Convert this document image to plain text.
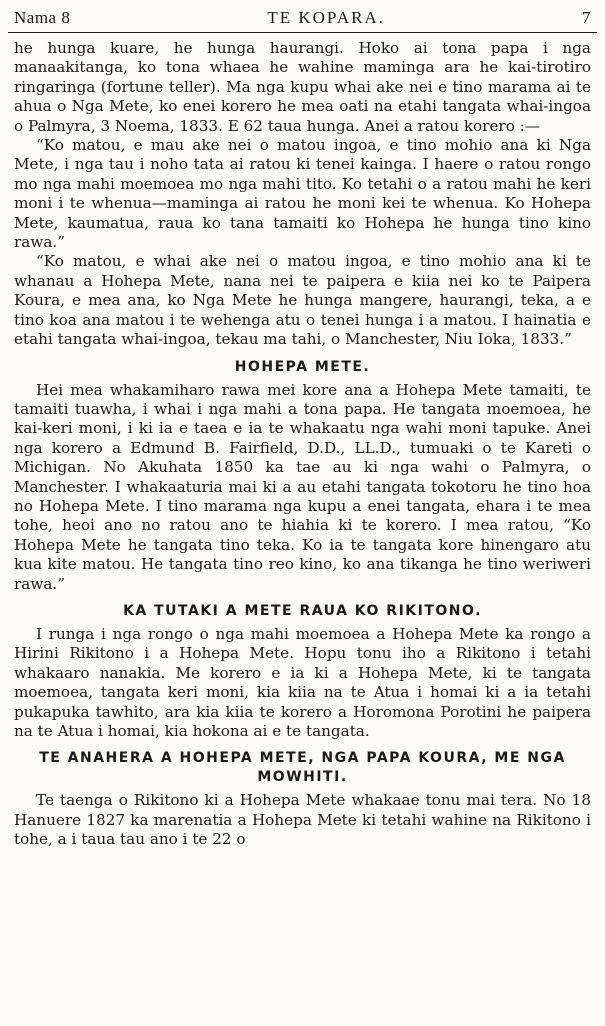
Nama 8	TE KOPARA.	7

he hunga kuare, he hunga haurangi. Hoko ai tona papa i nga manaakitanga, ko tona whaea he wahine maminga ara he kai-tirotiro ringaringa (fortune teller). Ma nga kupu whai ake nei e tino marama ai te ahua o Nga Mete, ko enei korero he mea oati na etahi tangata whai-ingoa o Palmyra, 3 Noema, 1833. E 62 taua hunga. Anei a ratou korero :—

“Ko matou, e mau ake nei o matou ingoa, e tino mohio ana ki Nga Mete, i nga tau i noho tata ai ratou ki tenei kainga. I haere o ratou rongo mo nga mahi moemoea mo nga mahi tito. Ko tetahi o a ratou mahi he keri moni i te whenua—maminga ai ratou he moni kei te whenua. Ko Hohepa Mete, kaumatua, raua ko tana tamaiti ko Hohepa he hunga tino kino rawa.”

“Ko matou, e whai ake nei o matou ingoa, e tino mohio ana ki te whanau a Hohepa Mete, nana nei te paipera e kiia nei ko te Paipera Koura, e mea ana, ko Nga Mete he hunga mangere, haurangi, teka, a e tino koa ana matou i te wehenga atu o tenei hunga i a matou. I hainatia e etahi tangata whai-ingoa, tekau ma tahi, o Manchester, Niu Ioka, 1833.”

HOHEPA METE.

Hei mea whakamiharo rawa mei kore ana a Hohepa Mete tamaiti, te tamaiti tuawha, i whai i nga mahi a tona papa. He tangata moemoea, he kai-keri moni, i ki ia e taea e ia te whakaatu nga wahi moni tapuke. Anei nga korero a Edmund B. Fairfield, D.D., LL.D., tumuaki o te Kareti o Michigan. No Akuhata 1850 ka tae au ki nga wahi o Palmyra, o Manchester. I whakaaturia mai ki a au etahi tangata tokotoru he tino hoa no Hohepa Mete. I tino marama nga kupu a enei tangata, ehara i te mea tohe, heoi ano no ratou ano te hiahia ki te korero. I mea ratou, “Ko Hohepa Mete he tangata tino teka. Ko ia te tangata kore hinengaro atu kua kite matou. He tangata tino reo kino, ko ana tikanga he tino weriweri rawa.”

KA TUTAKI A METE RAUA KO RIKITONO.

I runga i nga rongo o nga mahi moemoea a Hohepa Mete ka rongo a Hirini Rikitono i a Hohepa Mete. Hopu tonu iho a Rikitono i tetahi whakaaro nanakia. Me korero e ia ki a Hohepa Mete, ki te tangata moemoea, tangata keri moni, kia kiia na te Atua i homai ki a ia tetahi pukapuka tawhito, ara kia kiia te korero a Horomona Porotini he paipera na te Atua i homai, kia hokona ai e te tangata.

TE ANAHERA A HOHEPA METE, NGA PAPA KOURA, ME NGA MOWHITI.

Te taenga o Rikitono ki a Hohepa Mete whakaae tonu mai tera. No 18 Hanuere 1827 ka marenatia a Hohepa Mete ki tetahi wahine na Rikitono i tohe, a i taua tau ano i te 22 o
